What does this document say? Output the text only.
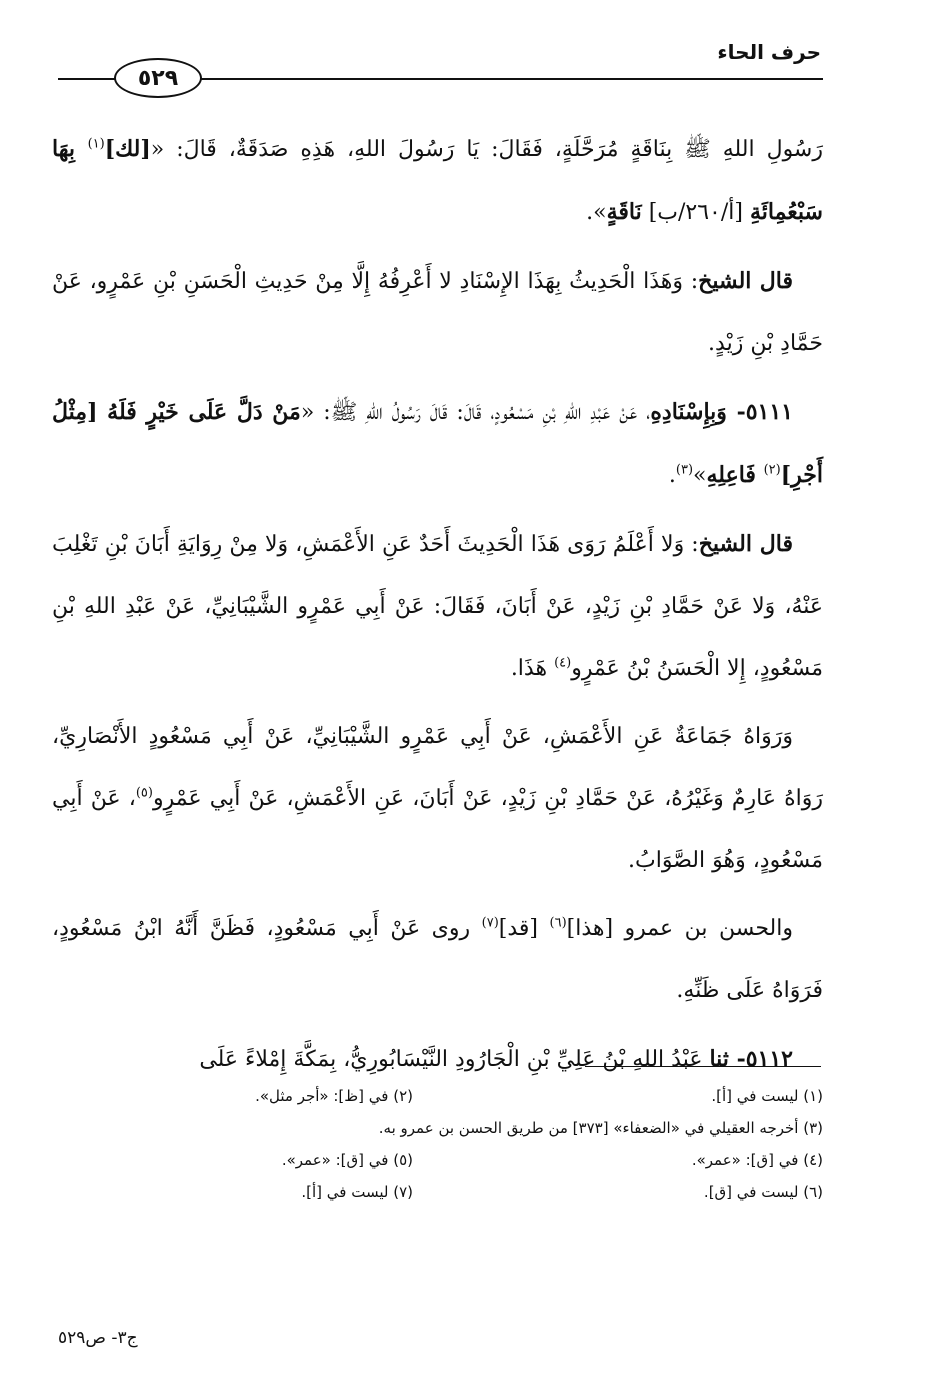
حرف الحاء
٥٢٩

رَسُولِ اللهِ ﷺ بِنَاقَةٍ مُرَحَّلَةٍ، فَقَالَ: يَا رَسُولَ اللهِ، هَذِهِ صَدَقَةٌ، قَالَ: «[لك]$^{(١)}$ بِهَا سَبْعُمِائَةِ [أ/٢٦٠/ب] نَاقَةٍ».

قال الشيخ: وَهَذَا الْحَدِيثُ بِهَذَا الإِسْنَادِ لا أَعْرِفُهُ إِلَّا مِنْ حَدِيثِ الْحَسَنِ بْنِ عَمْرٍو، عَنْ حَمَّادِ بْنِ زَيْدٍ.

٥١١١- وَبِإِسْنَادِهِ، عَنْ عَبْدِ اللهِ بْنِ مَسْعُودٍ، قَالَ: قَالَ رَسُولُ اللهِ ﷺ: «مَنْ دَلَّ عَلَى خَيْرٍ فَلَهُ [مِثْلُ أَجْرِ]$^{(٢)}$ فَاعِلِهِ»$^{(٣)}$.

قال الشيخ: وَلا أَعْلَمُ رَوَى هَذَا الْحَدِيثَ أَحَدٌ عَنِ الأَعْمَشِ، وَلا مِنْ رِوَايَةِ أَبَانَ بْنِ تَغْلِبَ عَنْهُ، وَلا عَنْ حَمَّادِ بْنِ زَيْدٍ، عَنْ أَبَانَ، فَقَالَ: عَنْ أَبِي عَمْرٍو الشَّيْبَانِيِّ، عَنْ عَبْدِ اللهِ بْنِ مَسْعُودٍ، إِلا الْحَسَنُ بْنُ عَمْرٍو$^{(٤)}$ هَذَا.

وَرَوَاهُ جَمَاعَةٌ عَنِ الأَعْمَشِ، عَنْ أَبِي عَمْرٍو الشَّيْبَانِيِّ، عَنْ أَبِي مَسْعُودٍ الأَنْصَارِيِّ، رَوَاهُ عَارِمٌ وَغَيْرُهُ، عَنْ حَمَّادِ بْنِ زَيْدٍ، عَنْ أَبَانَ، عَنِ الأَعْمَشِ، عَنْ أَبِي عَمْرٍو$^{(٥)}$، عَنْ أَبِي مَسْعُودٍ، وَهُوَ الصَّوَابُ.

والحسن بن عمرو [هذا]$^{(٦)}$ [قد]$^{(٧)}$ روى عَنْ أَبِي مَسْعُودٍ، فَظَنَّ أَنَّهُ ابْنُ مَسْعُودٍ، فَرَوَاهُ عَلَى ظَنِّهِ.

٥١١٢- ثنا عَبْدُ اللهِ بْنُ عَلِيِّ بْنِ الْجَارُودِ النَّيْسَابُورِيُّ، بِمَكَّةَ إِمْلاءً عَلَى

(١) ليست في [أ].
(٢) في [ظ]: «أجر مثل».
(٣) أخرجه العقيلي في «الضعفاء» [٣٧٣] من طريق الحسن بن عمرو به.
(٤) في [ق]: «عمر».
(٥) في [ق]: «عمر».
(٦) ليست في [ق].
(٧) ليست في [أ].
ج٣- ص٥٢٩
